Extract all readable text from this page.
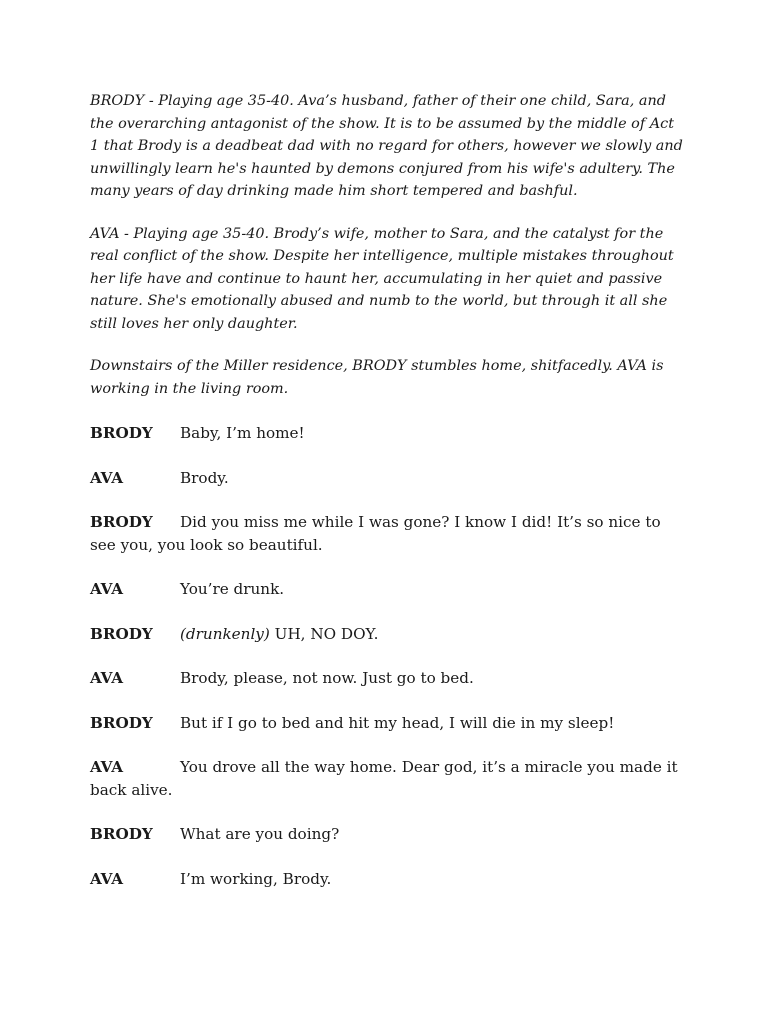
BRODY - Playing age 35-40. Ava’s husband, father of their one child, Sara, and the overarching antagonist of the show. It is to be assumed by the middle of Act 1 that Brody is a deadbeat dad with no regard for others, however we slowly and unwillingly learn he's haunted by demons conjured from his wife's adultery. The many years of day drinking made him short tempered and bashful.

AVA - Playing age 35-40. Brody’s wife, mother to Sara, and the catalyst for the real conflict of the show. Despite her intelligence, multiple mistakes throughout her life have and continue to haunt her, accumulating in her quiet and passive nature. She's emotionally abused and numb to the world, but through it all she still loves her only daughter.

Downstairs of the Miller residence, BRODY stumbles home, shitfacedly. AVA is working in the living room.

BRODY Baby, I’m home!

AVA	Brody.

BRODY Did you miss me while I was gone? I know I did! It’s so nice to see you, you look so beautiful.

AVA	You’re drunk.

BRODY (drunkenly) UH, NO DOY.

AVA	Brody, please, not now. Just go to bed.

BRODY But if I go to bed and hit my head, I will die in my sleep!

AVA	You drove all the way home. Dear god, it’s a miracle you made it back alive.

BRODY What are you doing?

AVA	I’m working, Brody.
